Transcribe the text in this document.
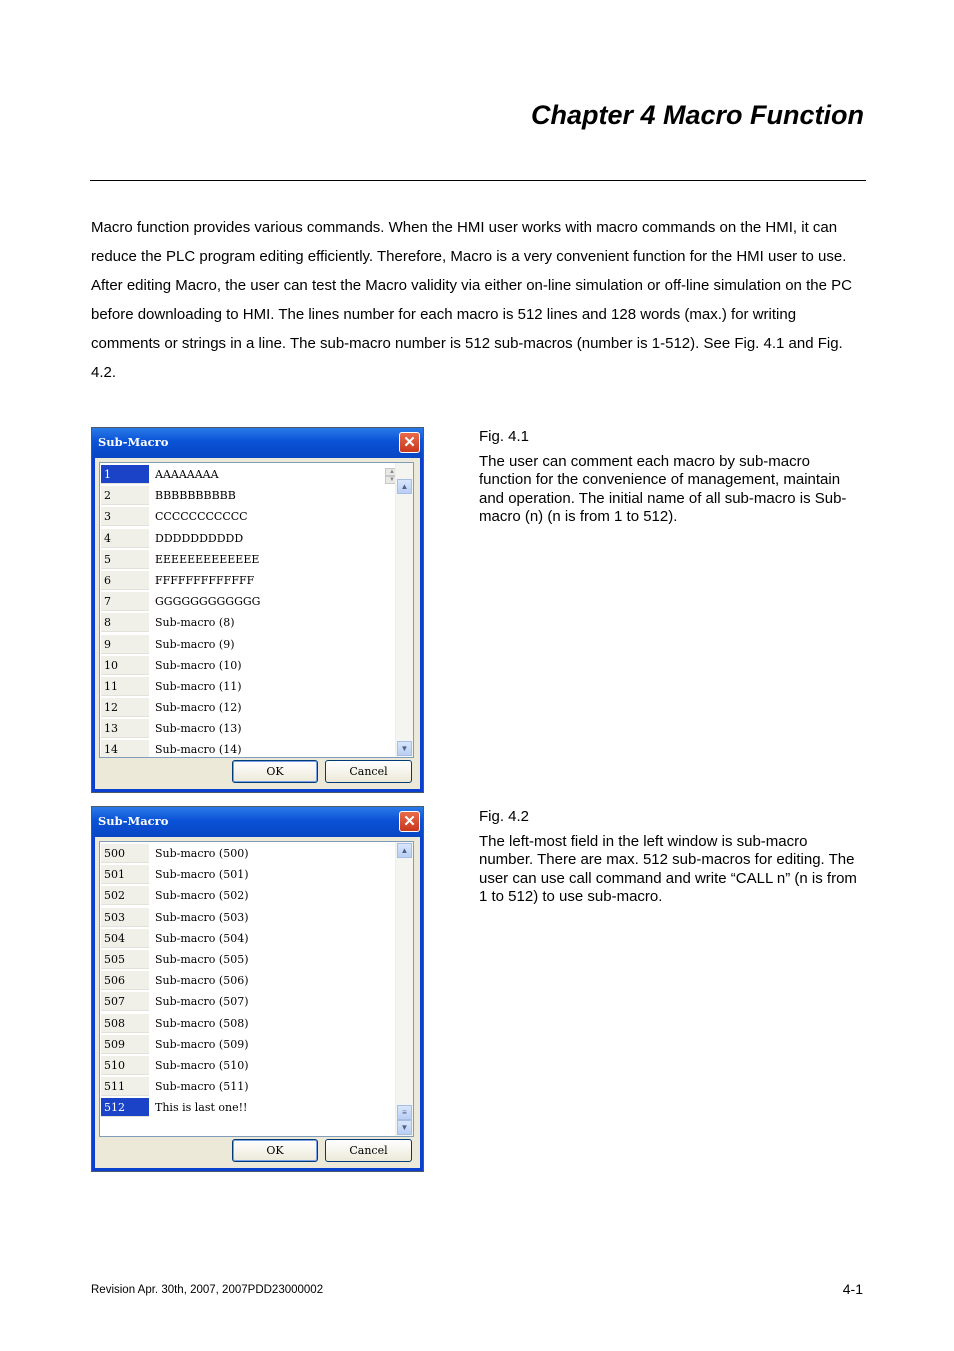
Chapter 4 Macro Function

Macro function provides various commands. When the HMI user works with macro commands on the HMI, it can reduce the PLC program editing efficiently. Therefore, Macro is a very convenient function for the HMI user to use. After editing Macro, the user can test the Macro validity via either on-line simulation or off-line simulation on the PC before downloading to HMI. The lines number for each macro is 512 lines and 128 words (max.) for writing comments or strings in a line. The sub-macro number is 512 sub-macros (number is 1-512). See Fig. 4.1 and Fig. 4.2.

Sub-Macro	✕
1	AAAAAAAA
2	BBBBBBBBBB
3	CCCCCCCCCCC
4	DDDDDDDDDD
5	EEEEEEEEEEEEE
6	FFFFFFFFFFFFF
7	GGGGGGGGGGGG
8	Sub-macro (8)
9	Sub-macro (9)
10	Sub-macro (10)
11	Sub-macro (11)
12	Sub-macro (12)
13	Sub-macro (13)
14	Sub-macro (14)
▲
▼
▲
▼
OK	Cancel
Fig. 4.1
The user can comment each macro by sub-macro function for the convenience of management, maintain and operation. The initial name of all sub-macro is Sub-macro (n) (n is from 1 to 512).
Sub-Macro	✕
500	Sub-macro (500)
501	Sub-macro (501)
502	Sub-macro (502)
503	Sub-macro (503)
504	Sub-macro (504)
505	Sub-macro (505)
506	Sub-macro (506)
507	Sub-macro (507)
508	Sub-macro (508)
509	Sub-macro (509)
510	Sub-macro (510)
511	Sub-macro (511)
512	This is last one!!
▲
≡
▼
OK	Cancel
Fig. 4.2
The left-most field in the left window is sub-macro number. There are max. 512 sub-macros for editing. The user can use call command and write “CALL n” (n is from 1 to 512) to use sub-macro.
Revision Apr. 30th, 2007, 2007PDD23000002	4-1
